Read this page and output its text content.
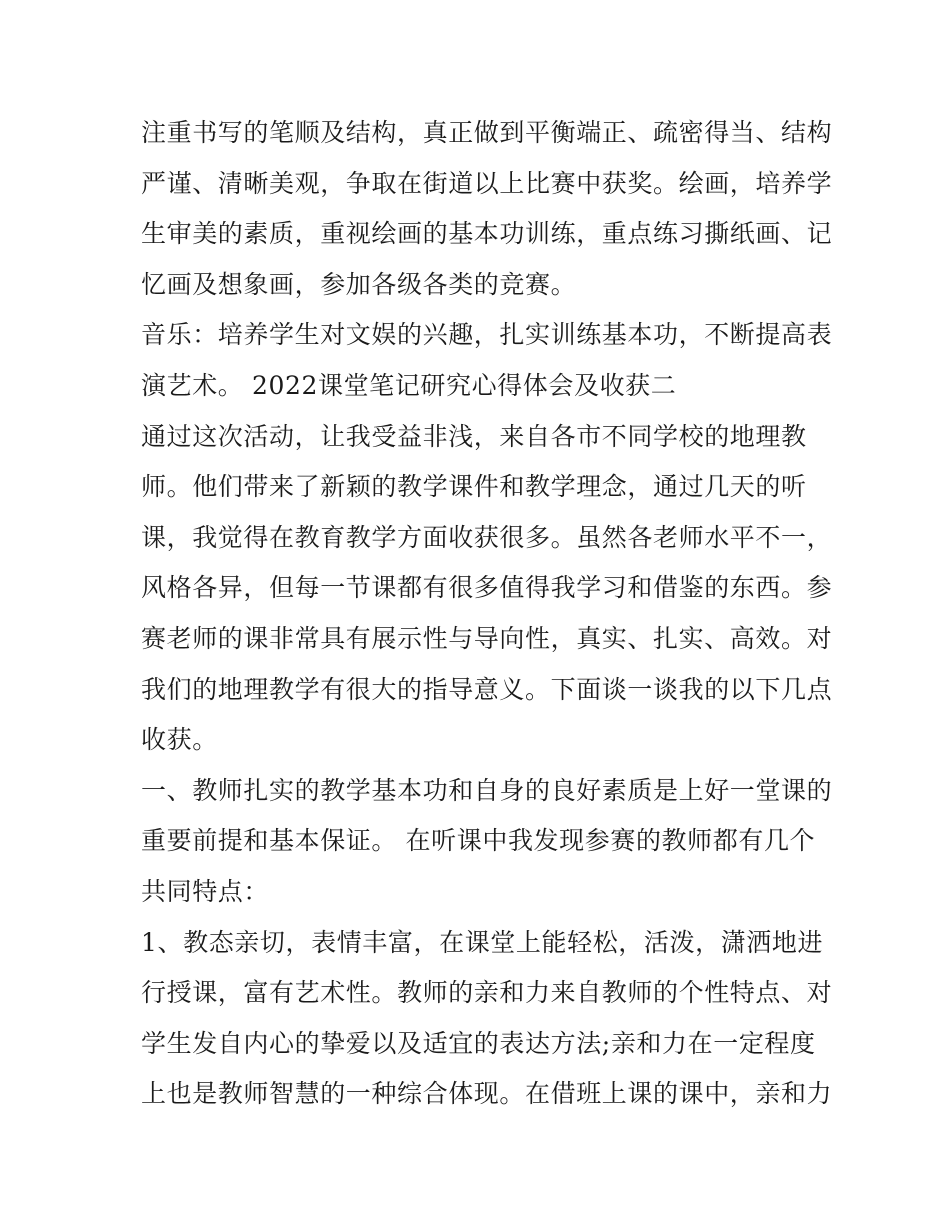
注重书写的笔顺及结构，真正做到平衡端正、疏密得当、结构
严谨、清晰美观，争取在街道以上比赛中获奖。绘画，培养学
生审美的素质，重视绘画的基本功训练，重点练习撕纸画、记
忆画及想象画，参加各级各类的竞赛。
音乐：培养学生对文娱的兴趣，扎实训练基本功，不断提高表
演艺术。 2022课堂笔记研究心得体会及收获二
通过这次活动，让我受益非浅，来自各市不同学校的地理教
师。他们带来了新颖的教学课件和教学理念，通过几天的听
课，我觉得在教育教学方面收获很多。虽然各老师水平不一，
风格各异，但每一节课都有很多值得我学习和借鉴的东西。参
赛老师的课非常具有展示性与导向性，真实、扎实、高效。对
我们的地理教学有很大的指导意义。下面谈一谈我的以下几点
收获。
一、教师扎实的教学基本功和自身的良好素质是上好一堂课的
重要前提和基本保证。 在听课中我发现参赛的教师都有几个
共同特点：
1、教态亲切，表情丰富，在课堂上能轻松，活泼，潇洒地进
行授课，富有艺术性。教师的亲和力来自教师的个性特点、对
学生发自内心的挚爱以及适宜的表达方法;亲和力在一定程度
上也是教师智慧的一种综合体现。在借班上课的课中，亲和力
